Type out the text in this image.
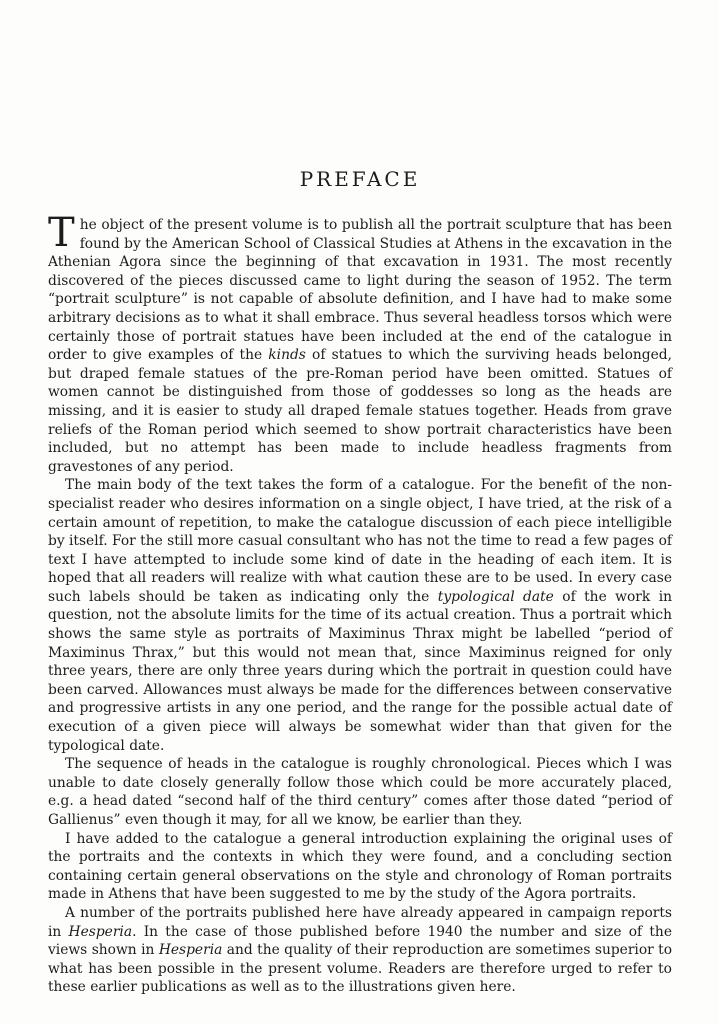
PREFACE

The object of the present volume is to publish all the portrait sculpture that has been found by the American School of Classical Studies at Athens in the excavation in the Athenian Agora since the beginning of that excavation in 1931. The most recently discovered of the pieces discussed came to light during the season of 1952. The term “portrait sculpture” is not capable of absolute definition, and I have had to make some arbitrary decisions as to what it shall embrace. Thus several headless torsos which were certainly those of portrait statues have been included at the end of the catalogue in order to give examples of the kinds of statues to which the surviving heads belonged, but draped female statues of the pre-Roman period have been omitted. Statues of women cannot be distinguished from those of goddesses so long as the heads are missing, and it is easier to study all draped female statues together. Heads from grave reliefs of the Roman period which seemed to show portrait characteristics have been included, but no attempt has been made to include headless fragments from gravestones of any period.

The main body of the text takes the form of a catalogue. For the benefit of the non-specialist reader who desires information on a single object, I have tried, at the risk of a certain amount of repetition, to make the catalogue discussion of each piece intelligible by itself. For the still more casual consultant who has not the time to read a few pages of text I have attempted to include some kind of date in the heading of each item. It is hoped that all readers will realize with what caution these are to be used. In every case such labels should be taken as indicating only the typological date of the work in question, not the absolute limits for the time of its actual creation. Thus a portrait which shows the same style as portraits of Maximinus Thrax might be labelled “period of Maximinus Thrax,” but this would not mean that, since Maximinus reigned for only three years, there are only three years during which the portrait in question could have been carved. Allowances must always be made for the differences between conservative and progressive artists in any one period, and the range for the possible actual date of execution of a given piece will always be somewhat wider than that given for the typological date.

The sequence of heads in the catalogue is roughly chronological. Pieces which I was unable to date closely generally follow those which could be more accurately placed, e.g. a head dated “second half of the third century” comes after those dated “period of Gallienus” even though it may, for all we know, be earlier than they.

I have added to the catalogue a general introduction explaining the original uses of the portraits and the contexts in which they were found, and a concluding section containing certain general observations on the style and chronology of Roman portraits made in Athens that have been suggested to me by the study of the Agora portraits.

A number of the portraits published here have already appeared in campaign reports in Hesperia. In the case of those published before 1940 the number and size of the views shown in Hesperia and the quality of their reproduction are sometimes superior to what has been possible in the present volume. Readers are therefore urged to refer to these earlier publications as well as to the illustrations given here.
